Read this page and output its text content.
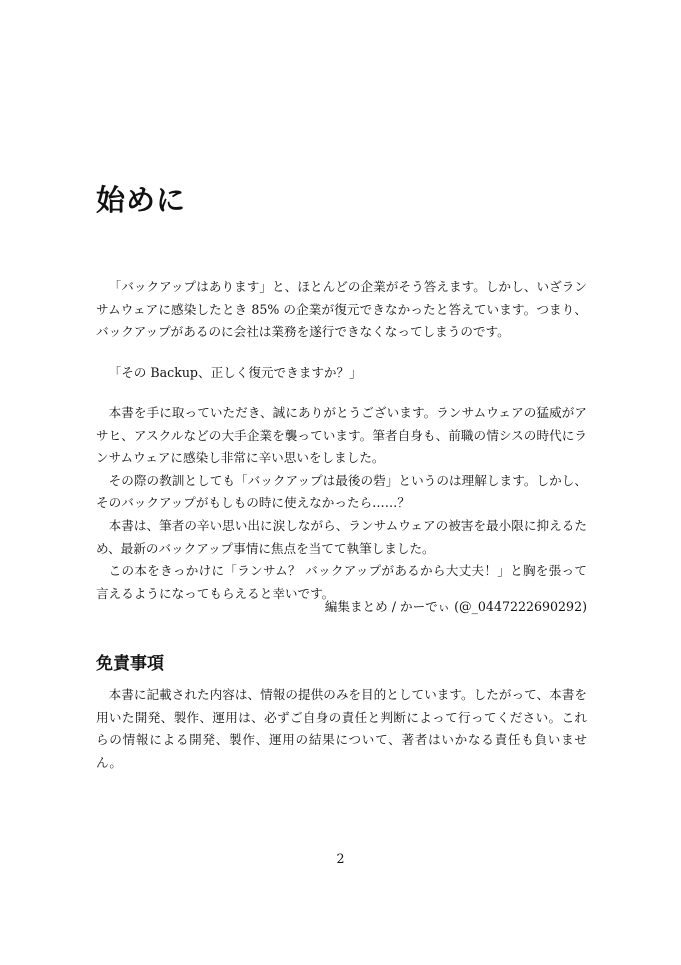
始めに

「バックアップはあります」と、ほとんどの企業がそう答えます。しかし、いざランサムウェアに感染したとき 85% の企業が復元できなかったと答えています。つまり、バックアップがあるのに会社は業務を遂行できなくなってしまうのです。

「その Backup、正しく復元できますか？」

本書を手に取っていただき、誠にありがとうございます。ランサムウェアの猛威がアサヒ、アスクルなどの大手企業を襲っています。筆者自身も、前職の情シスの時代にランサムウェアに感染し非常に辛い思いをしました。

その際の教訓としても「バックアップは最後の砦」というのは理解します。しかし、そのバックアップがもしもの時に使えなかったら……？

本書は、筆者の辛い思い出に涙しながら、ランサムウェアの被害を最小限に抑えるため、最新のバックアップ事情に焦点を当てて執筆しました。

この本をきっかけに「ランサム？ バックアップがあるから大丈夫！」と胸を張って言えるようになってもらえると幸いです。

編集まとめ / かーでぃ (@_0447222690292)
免責事項

本書に記載された内容は、情報の提供のみを目的としています。したがって、本書を用いた開発、製作、運用は、必ずご自身の責任と判断によって行ってください。これらの情報による開発、製作、運用の結果について、著者はいかなる責任も負いません。

2
